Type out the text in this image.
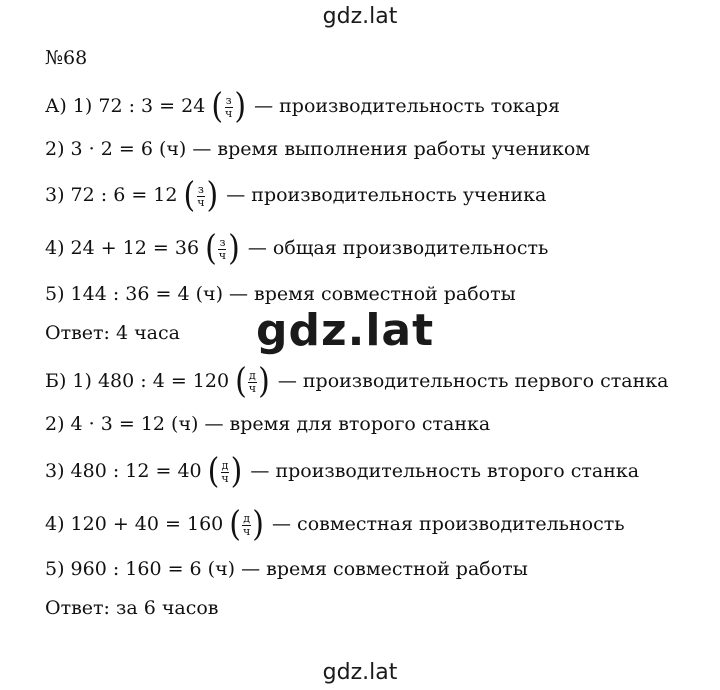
gdz.lat
№68
А) 1) 72 : 3 = 24 ( $\frac{з}{ч}$ ) — производительность токаря
2) 3 · 2 = 6 (ч) — время выполнения работы учеником
3) 72 : 6 = 12 ( $\frac{з}{ч}$ ) — производительность ученика
4) 24 + 12 = 36 ( $\frac{з}{ч}$ ) — общая производительность
5) 144 : 36 = 4 (ч) — время совместной работы
Ответ: 4 часа gdz.lat
Б) 1) 480 : 4 = 120 ( $\frac{д}{ч}$ ) — производительность первого станка
2) 4 · 3 = 12 (ч) — время для второго станка
3) 480 : 12 = 40 ( $\frac{д}{ч}$ ) — производительность второго станка
4) 120 + 40 = 160 ( $\frac{д}{ч}$ ) — совместная производительность
5) 960 : 160 = 6 (ч) — время совместной работы
Ответ: за 6 часов
gdz.lat
